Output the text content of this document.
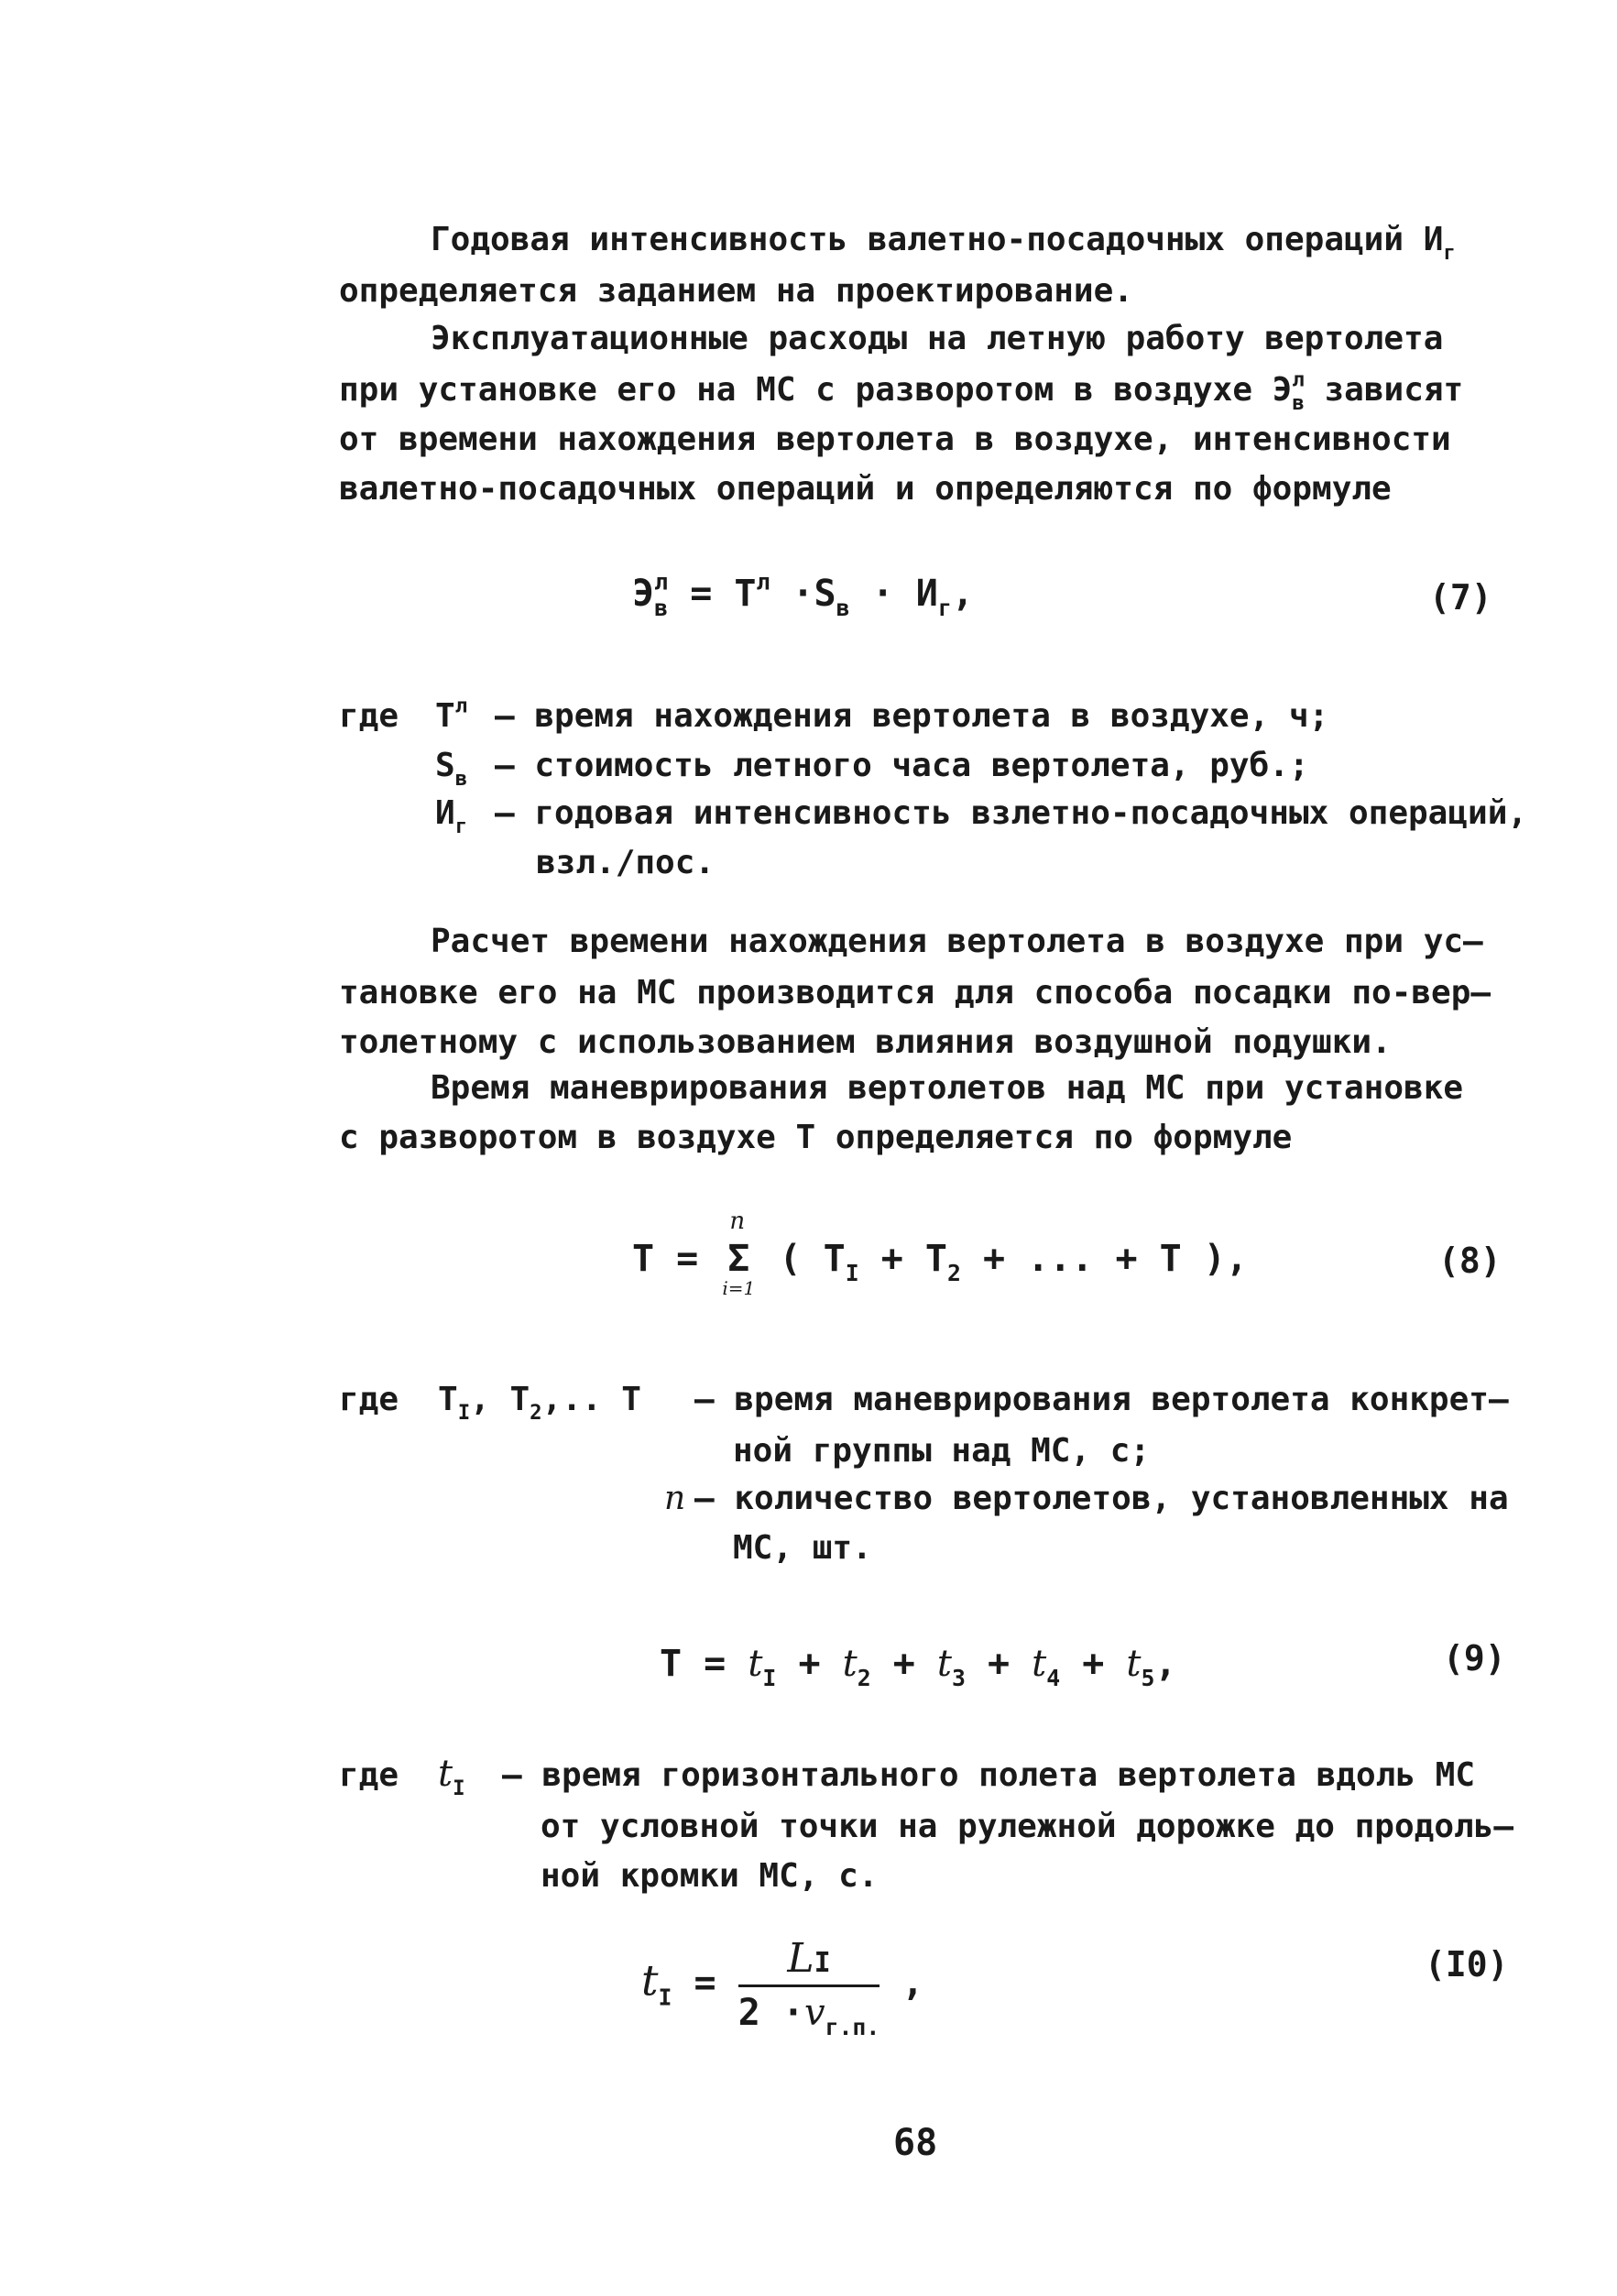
Годовая интенсивность валетно-посадочных операций $И_г$
определяется заданием на проектирование.
Эксплуатационные расходы на летную работу вертолета
при установке его на МС с разворотом в воздухе $Э^л_в$ зависят
от времени нахождения вертолета в воздухе, интенсивности
валетно-посадочных операций и определяются по формуле
$Э^л_в = Т^л \cdot S_в \cdot И_г$,	(7)
где $Т^л$ – время нахождения вертолета в воздухе, ч;
$S_в$ – стоимость летного часа вертолета, руб.;
$И_г$ – годовая интенсивность взлетно-посадочных операций,
взл./пос.
Расчет времени нахождения вертолета в воздухе при ус–
тановке его на МС производится для способа посадки по-вер–
толетному с использованием влияния воздушной подушки.
Время маневрирования вертолетов над МС при установке
с разворотом в воздухе Т определяется по формуле
Т =
n
Σ
i=1
( $Т_I + Т_2$ + ... + Т ),	(8)
где $Т_I$, $Т_2$,.. Т – время маневрирования вертолета конкрет–
ной группы над МС, с;
n – количество вертолетов, установленных на
МС, шт.
$Т = t_I + t_2 + t_3 + t_4 + t_5$,	(9)
где $t_I$ – время горизонтального полета вертолета вдоль МС
от условной точки на рулежной дорожке до продоль–
ной кромки МС, с.
$t_I = \frac{LI}{2 \cdot v_{г.п.}}$ ,	(I0)
68
